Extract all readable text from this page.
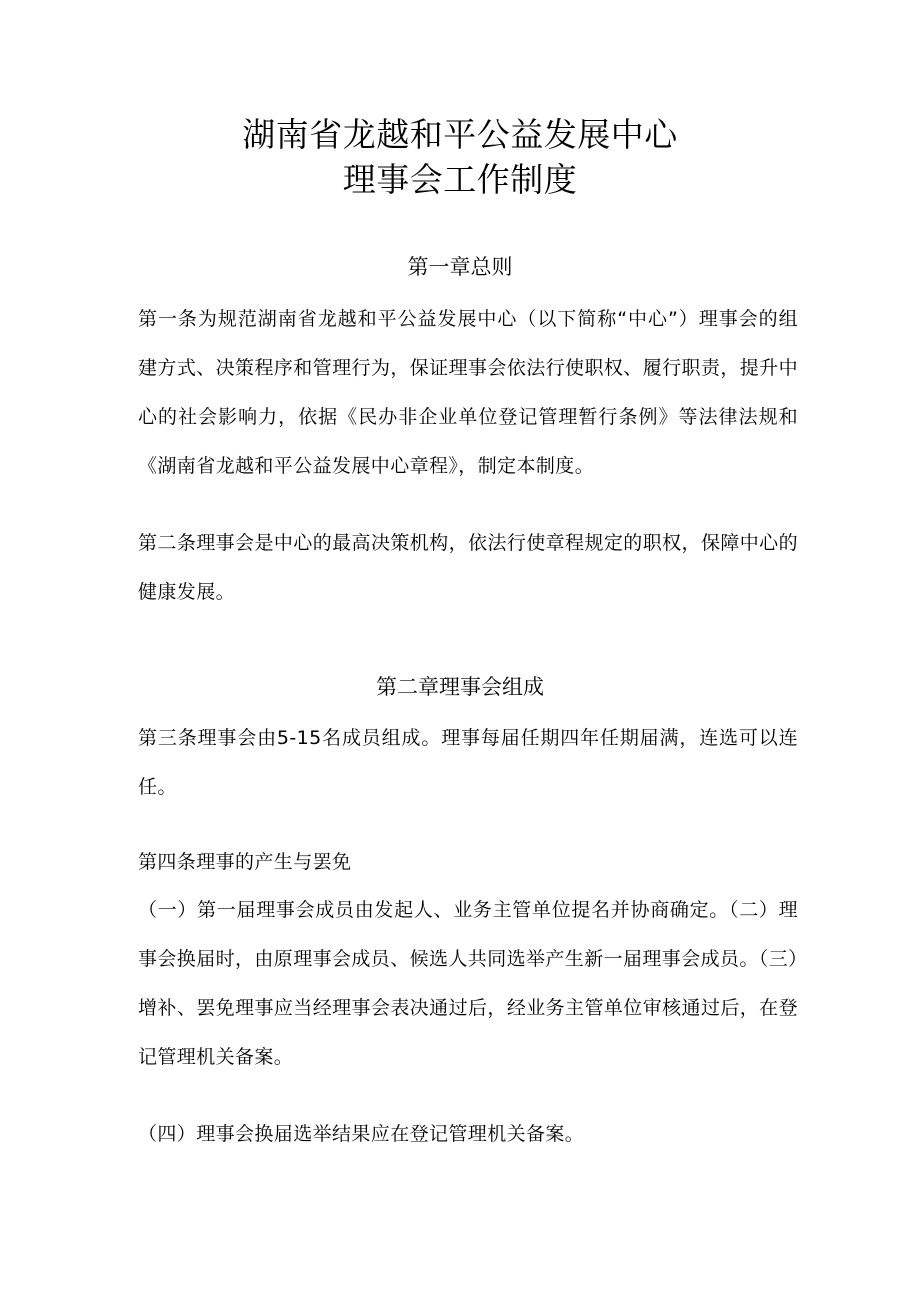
湖南省龙越和平公益发展中心
理事会工作制度
第一章总则

第一条为规范湖南省龙越和平公益发展中心（以下简称“中心”）理事会的组建方式、决策程序和管理行为，保证理事会依法行使职权、履行职责，提升中心的社会影响力，依据《民办非企业单位登记管理暂行条例》等法律法规和《湖南省龙越和平公益发展中心章程》，制定本制度。

第二条理事会是中心的最高决策机构，依法行使章程规定的职权，保障中心的健康发展。

第二章理事会组成

第三条理事会由5-15名成员组成。理事每届任期四年任期届满，连选可以连任。

第四条理事的产生与罢免

（一）第一届理事会成员由发起人、业务主管单位提名并协商确定。（二）理事会换届时，由原理事会成员、候选人共同选举产生新一届理事会成员。（三）增补、罢免理事应当经理事会表决通过后，经业务主管单位审核通过后，在登记管理机关备案。

（四）理事会换届选举结果应在登记管理机关备案。
